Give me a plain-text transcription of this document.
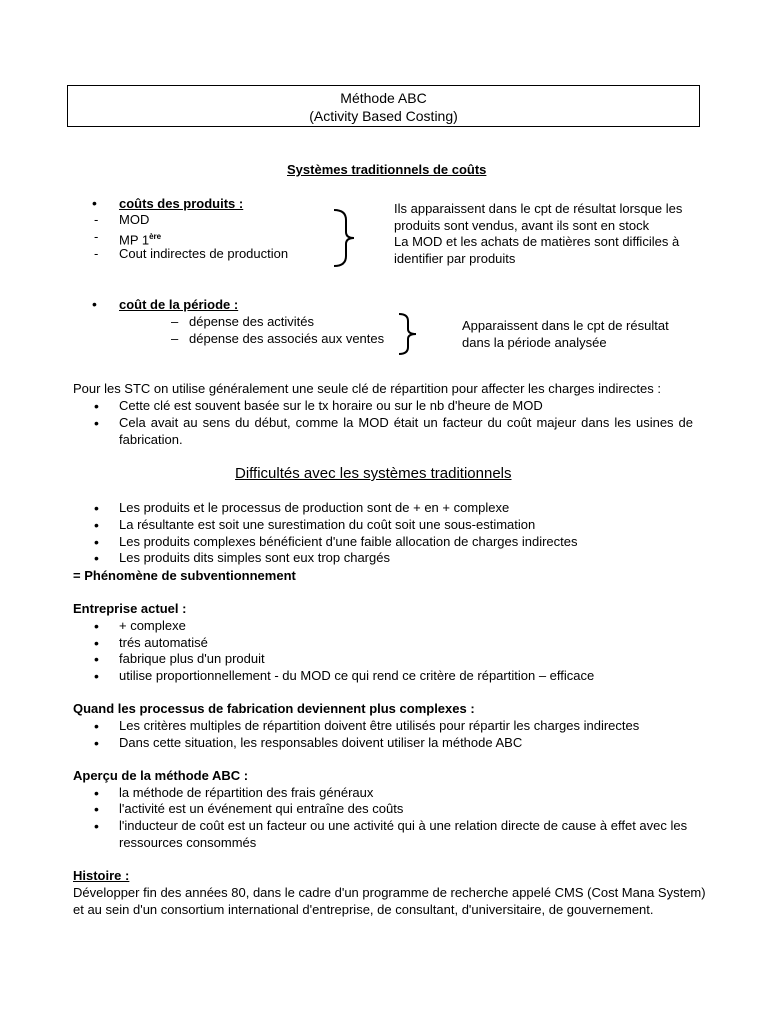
Méthode ABC
(Activity Based Costing)
Systèmes traditionnels de coûts
• coûts des produits :
- MOD
- MP 1ère
- Cout indirectes de production
Ils apparaissent dans le cpt de résultat lorsque les
produits sont vendus, avant ils sont en stock
La MOD et les achats de matières sont difficiles à
identifier par produits
• coût de la période :
– dépense des activités
– dépense des associés aux ventes
Apparaissent dans le cpt de résultat
dans la période analysée
Pour les STC on utilise généralement une seule clé de répartition pour affecter les charges indirectes :
• Cette clé est souvent basée sur le tx horaire ou sur le nb d'heure de MOD
• Cela avait au sens du début, comme la MOD était un facteur du coût majeur dans les usines de
fabrication.
Difficultés avec les systèmes traditionnels
• Les produits et le processus de production sont de + en + complexe
• La résultante est soit une surestimation du coût soit une sous-estimation
• Les produits complexes bénéficient d'une faible allocation de charges indirectes
• Les produits dits simples sont eux trop chargés
= Phénomène de subventionnement
Entreprise actuel :
• + complexe
• trés automatisé
• fabrique plus d'un produit
• utilise proportionnellement - du MOD ce qui rend ce critère de répartition – efficace
Quand les processus de fabrication deviennent plus complexes :
• Les critères multiples de répartition doivent être utilisés pour répartir les charges indirectes
• Dans cette situation, les responsables doivent utiliser la méthode ABC
Aperçu de la méthode ABC :
• la méthode de répartition des frais généraux
• l'activité est un événement qui entraîne des coûts
• l'inducteur de coût est un facteur ou une activité qui à une relation directe de cause à effet avec les
ressources consommés
Histoire :
Développer fin des années 80, dans le cadre d'un programme de recherche appelé CMS (Cost Mana System)
et au sein d'un consortium international d'entreprise, de consultant, d'universitaire, de gouvernement.
